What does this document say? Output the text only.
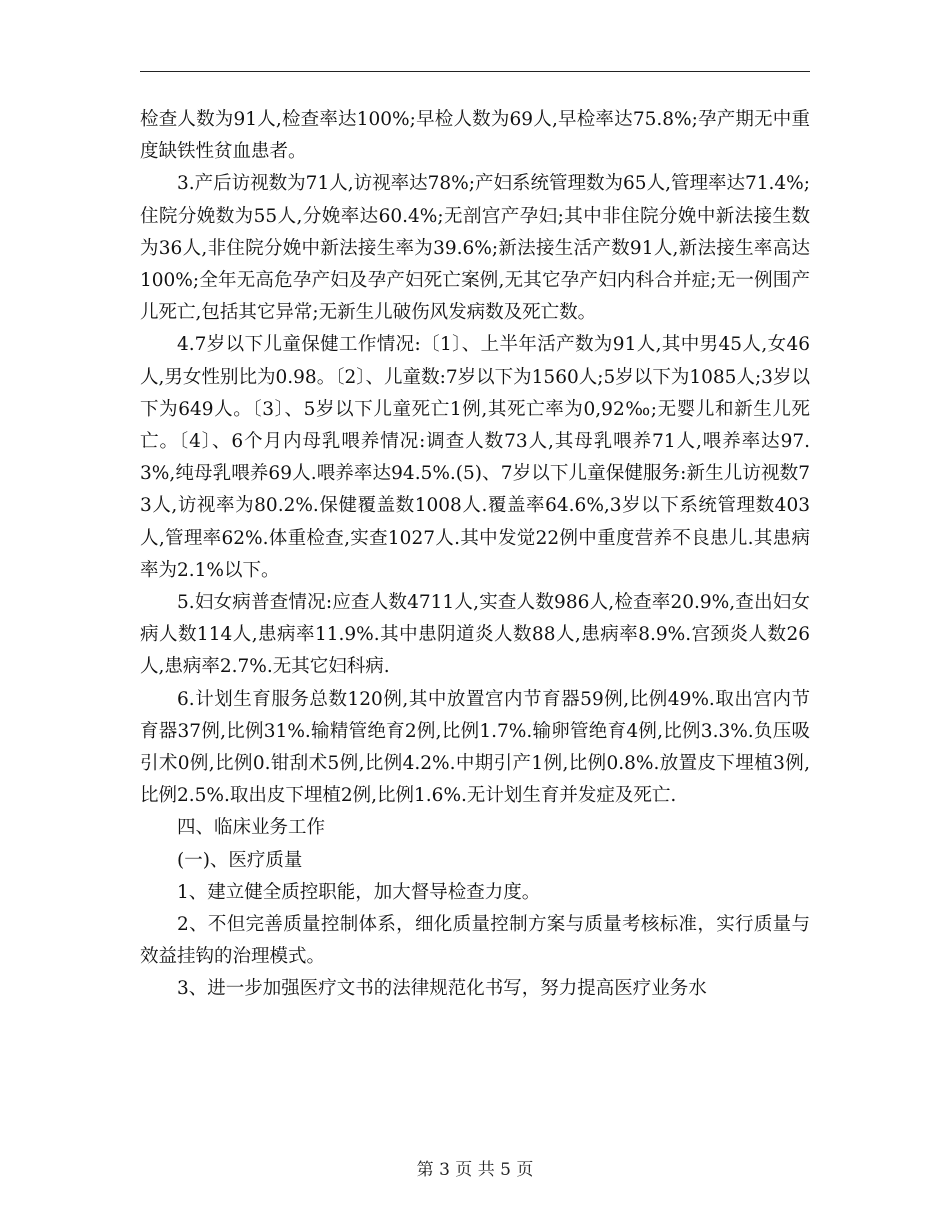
检查人数为91人,检查率达100%;早检人数为69人,早检率达75.8%;孕产期无中重度缺铁性贫血患者。

3.产后访视数为71人,访视率达78%;产妇系统管理数为65人,管理率达71.4%;住院分娩数为55人,分娩率达60.4%;无剖宫产孕妇;其中非住院分娩中新法接生数为36人,非住院分娩中新法接生率为39.6%;新法接生活产数91人,新法接生率高达100%;全年无高危孕产妇及孕产妇死亡案例,无其它孕产妇内科合并症;无一例围产儿死亡,包括其它异常;无新生儿破伤风发病数及死亡数。

4.7岁以下儿童保健工作情况:〔1〕、上半年活产数为91人,其中男45人,女46人,男女性别比为0.98。〔2〕、儿童数:7岁以下为1560人;5岁以下为1085人;3岁以下为649人。〔3〕、5岁以下儿童死亡1例,其死亡率为0,92‰;无婴儿和新生儿死亡。〔4〕、6个月内母乳喂养情况:调查人数73人,其母乳喂养71人,喂养率达97.3%,纯母乳喂养69人.喂养率达94.5%.(5)、7岁以下儿童保健服务:新生儿访视数73人,访视率为80.2%.保健覆盖数1008人.覆盖率64.6%,3岁以下系统管理数403人,管理率62%.体重检查,实查1027人.其中发觉22例中重度营养不良患儿.其患病率为2.1%以下。

5.妇女病普查情况:应查人数4711人,实查人数986人,检查率20.9%,查出妇女病人数114人,患病率11.9%.其中患阴道炎人数88人,患病率8.9%.宫颈炎人数26人,患病率2.7%.无其它妇科病.

6.计划生育服务总数120例,其中放置宫内节育器59例,比例49%.取出宫内节育器37例,比例31%.输精管绝育2例,比例1.7%.输卵管绝育4例,比例3.3%.负压吸引术0例,比例0.钳刮术5例,比例4.2%.中期引产1例,比例0.8%.放置皮下埋植3例,比例2.5%.取出皮下埋植2例,比例1.6%.无计划生育并发症及死亡.

四、临床业务工作

(一)、医疗质量

1、建立健全质控职能，加大督导检查力度。

2、不但完善质量控制体系，细化质量控制方案与质量考核标准，实行质量与效益挂钩的治理模式。

3、进一步加强医疗文书的法律规范化书写，努力提高医疗业务水

第 3 页 共 5 页
